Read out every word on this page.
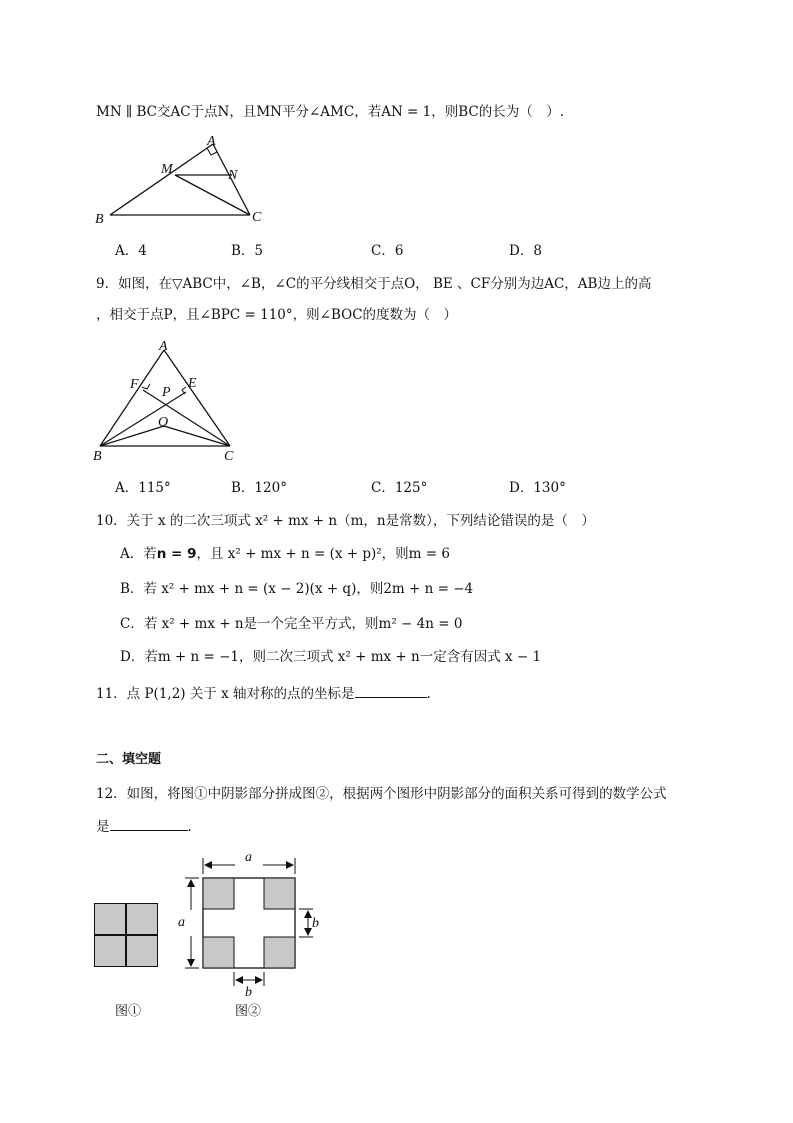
MN ∥ BC交AC于点N，且MN平分∠AMC，若AN = 1，则BC的长为（　）.
A
M	N
B	C
A．4	B．5	C．6	D．8
9．如图，在▽ABC中，∠B，∠C的平分线相交于点O， BE 、CF分别为边AC，AB边上的高
，相交于点P，且∠BPC = 110°，则∠BOC的度数为（　）
A
F	E
P
O
B	C
A．115°	B．120°	C．125°	D．130°
10．关于 x 的二次三项式 x² + mx + n（m，n是常数），下列结论错误的是（　）
A．若n = 9，且 x² + mx + n = (x + p)²，则m = 6
B．若 x² + mx + n = (x − 2)(x + q)，则2m + n = −4
C．若 x² + mx + n是一个完全平方式，则m² − 4n = 0
D．若m + n = −1，则二次三项式 x² + mx + n一定含有因式 x − 1
11．点 P(1,2) 关于 x 轴对称的点的坐标是	.
二、填空题
12．如图，将图①中阴影部分拼成图②，根据两个图形中阴影部分的面积关系可得到的数学公式
是	.
a
a	b
b
图①	图②
